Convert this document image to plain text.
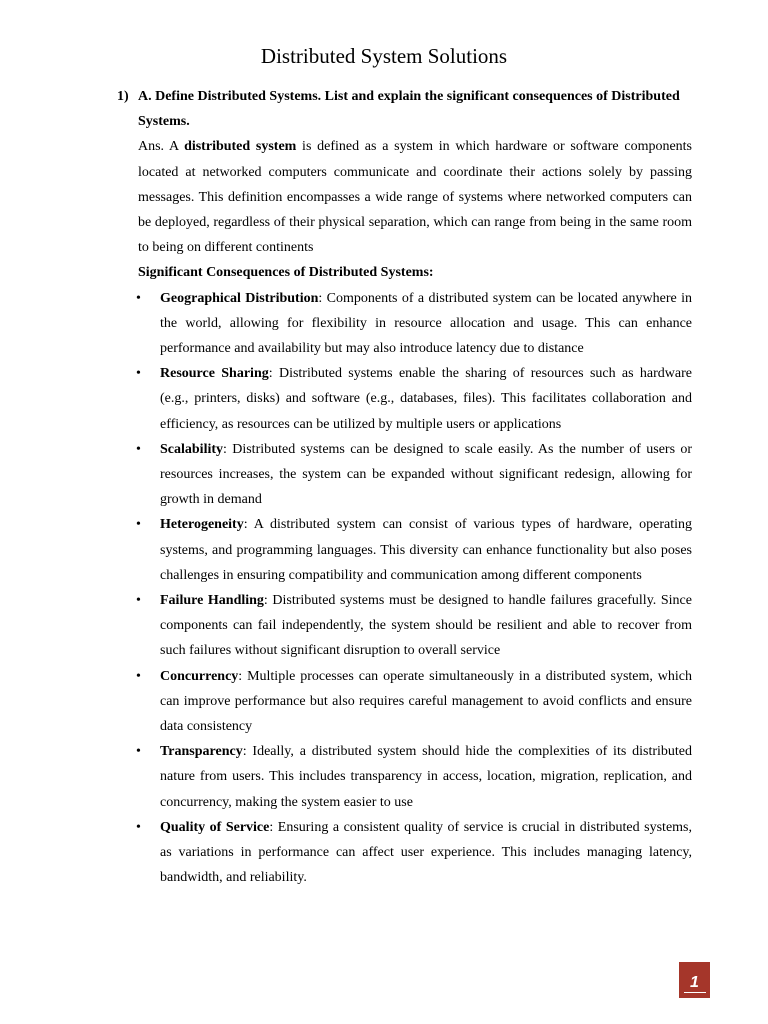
Distributed System Solutions
1) A. Define Distributed Systems. List and explain the significant consequences of Distributed Systems.
Ans. A distributed system is defined as a system in which hardware or software components located at networked computers communicate and coordinate their actions solely by passing messages. This definition encompasses a wide range of systems where networked computers can be deployed, regardless of their physical separation, which can range from being in the same room to being on different continents
Significant Consequences of Distributed Systems:
•	Geographical Distribution: Components of a distributed system can be located anywhere in the world, allowing for flexibility in resource allocation and usage. This can enhance performance and availability but may also introduce latency due to distance
•	Resource Sharing: Distributed systems enable the sharing of resources such as hardware (e.g., printers, disks) and software (e.g., databases, files). This facilitates collaboration and efficiency, as resources can be utilized by multiple users or applications
•	Scalability: Distributed systems can be designed to scale easily. As the number of users or resources increases, the system can be expanded without significant redesign, allowing for growth in demand
•	Heterogeneity: A distributed system can consist of various types of hardware, operating systems, and programming languages. This diversity can enhance functionality but also poses challenges in ensuring compatibility and communication among different components
•	Failure Handling: Distributed systems must be designed to handle failures gracefully. Since components can fail independently, the system should be resilient and able to recover from such failures without significant disruption to overall service
•	Concurrency: Multiple processes can operate simultaneously in a distributed system, which can improve performance but also requires careful management to avoid conflicts and ensure data consistency
•	Transparency: Ideally, a distributed system should hide the complexities of its distributed nature from users. This includes transparency in access, location, migration, replication, and concurrency, making the system easier to use
•	Quality of Service: Ensuring a consistent quality of service is crucial in distributed systems, as variations in performance can affect user experience. This includes managing latency, bandwidth, and reliability.
1
